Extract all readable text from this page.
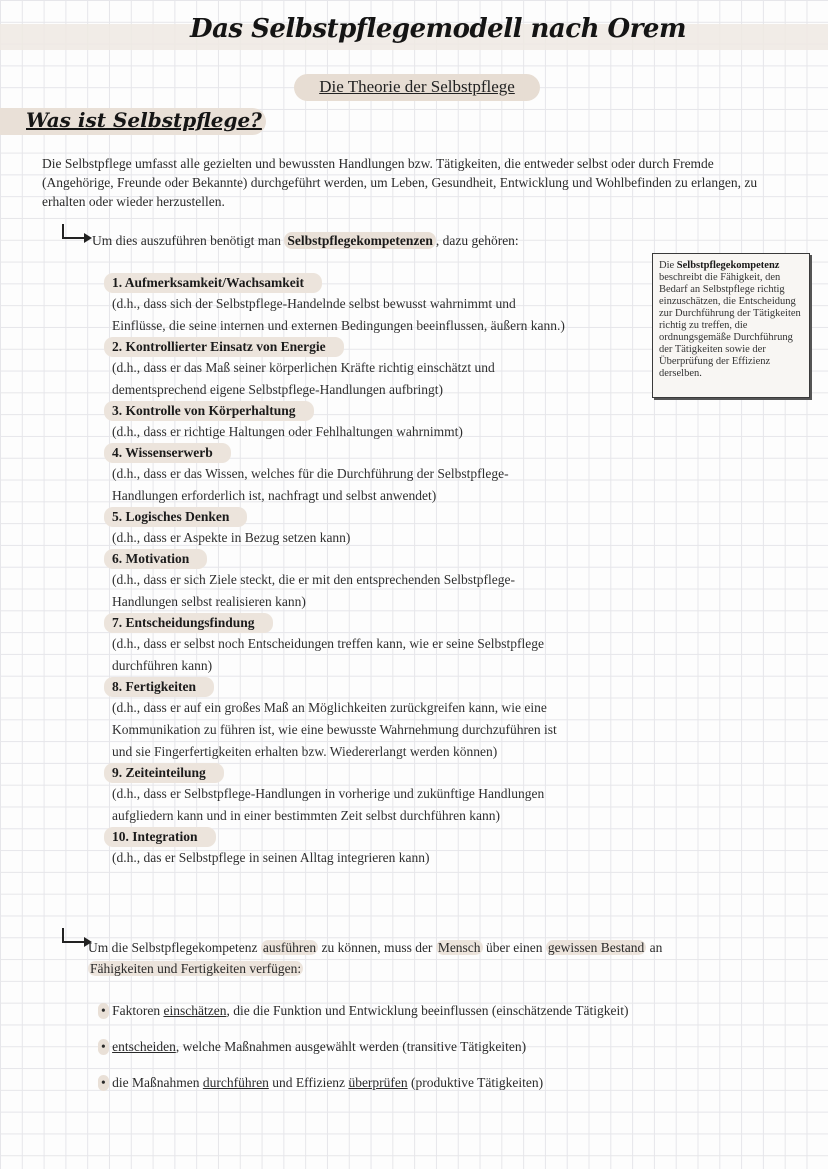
Das Selbstpflegemodell nach Orem
Die Theorie der Selbstpflege
Was ist Selbstpflege?
Die Selbstpflege umfasst alle gezielten und bewussten Handlungen bzw. Tätigkeiten, die entweder selbst oder durch Fremde (Angehörige, Freunde oder Bekannte) durchgeführt werden, um Leben, Gesundheit, Entwicklung und Wohlbefinden zu erlangen, zu erhalten oder wieder herzustellen.
Um dies auszuführen benötigt man Selbstpflegekompetenzen , dazu gehören:
1. Aufmerksamkeit/Wachsamkeit
(d.h., dass sich der Selbstpflege-Handelnde selbst bewusst wahrnimmt und
Einflüsse, die seine internen und externen Bedingungen beeinflussen, äußern kann.)
2. Kontrollierter Einsatz von Energie
(d.h., dass er das Maß seiner körperlichen Kräfte richtig einschätzt und
dementsprechend eigene Selbstpflege-Handlungen aufbringt)
3. Kontrolle von Körperhaltung
(d.h., dass er richtige Haltungen oder Fehlhaltungen wahrnimmt)
4. Wissenserwerb
(d.h., dass er das Wissen, welches für die Durchführung der Selbstpflege-
Handlungen erforderlich ist, nachfragt und selbst anwendet)
5. Logisches Denken
(d.h., dass er Aspekte in Bezug setzen kann)
6. Motivation
(d.h., dass er sich Ziele steckt, die er mit den entsprechenden Selbstpflege-
Handlungen selbst realisieren kann)
7. Entscheidungsfindung
(d.h., dass er selbst noch Entscheidungen treffen kann, wie er seine Selbstpflege
durchführen kann)
8. Fertigkeiten
(d.h., dass er auf ein großes Maß an Möglichkeiten zurückgreifen kann, wie eine
Kommunikation zu führen ist, wie eine bewusste Wahrnehmung durchzuführen ist
und sie Fingerfertigkeiten erhalten bzw. Wiedererlangt werden können)
9. Zeiteinteilung
(d.h., dass er Selbstpflege-Handlungen in vorherige und zukünftige Handlungen
aufgliedern kann und in einer bestimmten Zeit selbst durchführen kann)
10. Integration
(d.h., das er Selbstpflege in seinen Alltag integrieren kann)
Die Selbstpflegekompetenz beschreibt die Fähigkeit, den Bedarf an Selbstpflege richtig einzuschätzen, die Entscheidung zur Durchführung der Tätigkeiten richtig zu treffen, die ordnungsgemäße Durchführung der Tätigkeiten sowie der Überprüfung der Effizienz derselben.
Um die Selbstpflegekompetenz ausführen zu können, muss der Mensch über einen gewissen Bestand an
Fähigkeiten und Fertigkeiten verfügen:
• Faktoren einschätzen, die die Funktion und Entwicklung beeinflussen (einschätzende Tätigkeit)
• entscheiden, welche Maßnahmen ausgewählt werden (transitive Tätigkeiten)
• die Maßnahmen durchführen und Effizienz überprüfen (produktive Tätigkeiten)
